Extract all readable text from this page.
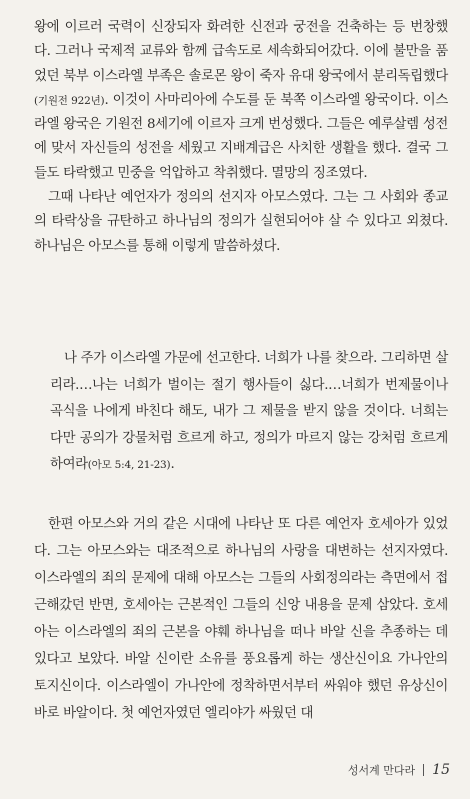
왕에 이르러 국력이 신장되자 화려한 신전과 궁전을 건축하는 등 번창했다. 그러나 국제적 교류와 함께 급속도로 세속화되어갔다. 이에 불만을 품었던 북부 이스라엘 부족은 솔로몬 왕이 죽자 유대 왕국에서 분리독립했다(기원전 922년). 이것이 사마리아에 수도를 둔 북쪽 이스라엘 왕국이다. 이스라엘 왕국은 기원전 8세기에 이르자 크게 번성했다. 그들은 예루살렘 성전에 맞서 자신들의 성전을 세웠고 지배계급은 사치한 생활을 했다. 결국 그들도 타락했고 민중을 억압하고 착취했다. 멸망의 징조였다.

그때 나타난 예언자가 정의의 선지자 아모스였다. 그는 그 사회와 종교의 타락상을 규탄하고 하나님의 정의가 실현되어야 살 수 있다고 외쳤다. 하나님은 아모스를 통해 이렇게 말씀하셨다.

나 주가 이스라엘 가문에 선고한다. 너희가 나를 찾으라. 그리하면 살리라.…나는 너희가 벌이는 절기 행사들이 싫다.…너희가 번제물이나 곡식을 나에게 바친다 해도, 내가 그 제물을 받지 않을 것이다. 너희는 다만 공의가 강물처럼 흐르게 하고, 정의가 마르지 않는 강처럼 흐르게 하여라(아모 5:4, 21-23).

한편 아모스와 거의 같은 시대에 나타난 또 다른 예언자 호세아가 있었다. 그는 아모스와는 대조적으로 하나님의 사랑을 대변하는 선지자였다. 이스라엘의 죄의 문제에 대해 아모스는 그들의 사회정의라는 측면에서 접근해갔던 반면, 호세아는 근본적인 그들의 신앙 내용을 문제 삼았다. 호세아는 이스라엘의 죄의 근본을 야훼 하나님을 떠나 바알 신을 추종하는 데 있다고 보았다. 바알 신이란 소유를 풍요롭게 하는 생산신이요 가나안의 토지신이다. 이스라엘이 가나안에 정착하면서부터 싸워야 했던 유상신이 바로 바알이다. 첫 예언자였던 엘리야가 싸웠던 대

성서계 만다라 15
